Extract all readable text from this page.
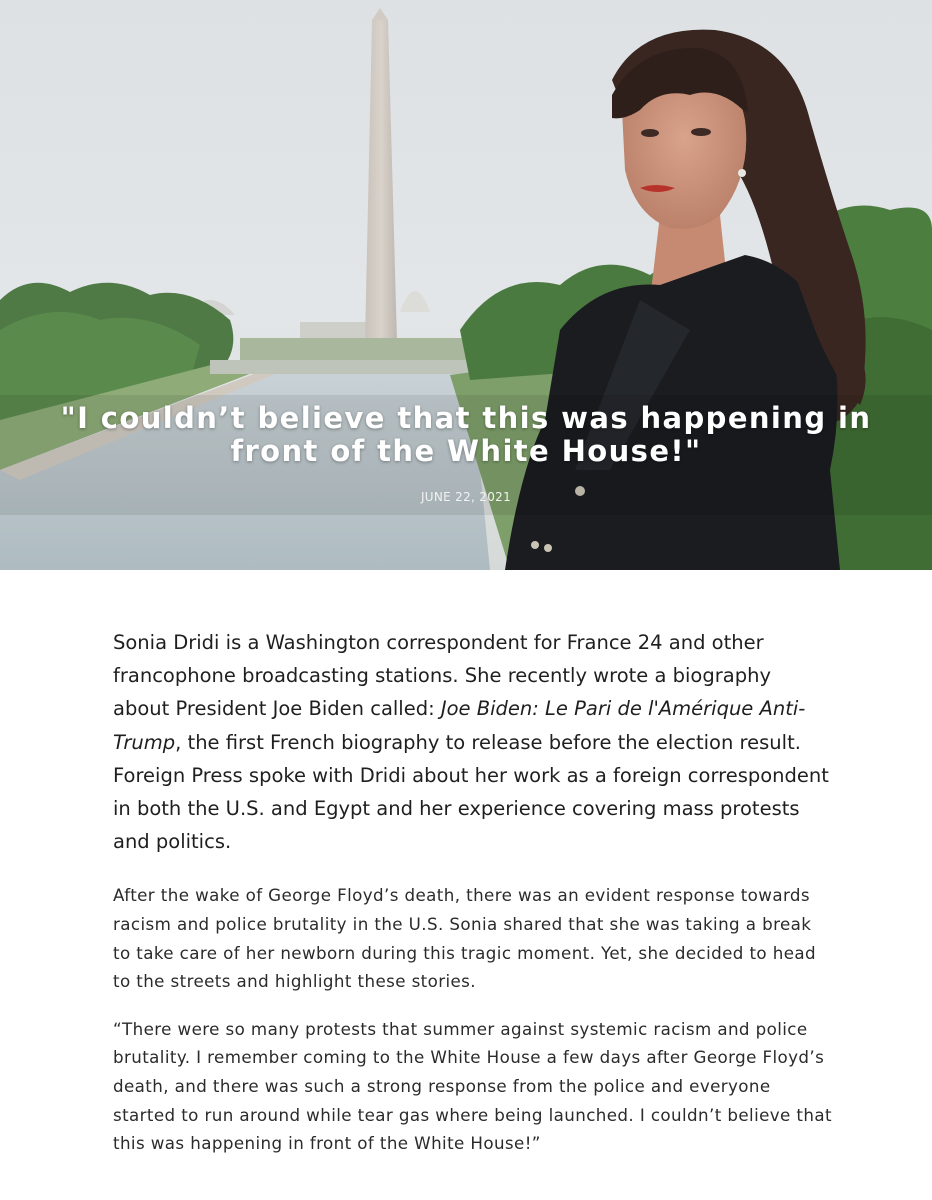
"I couldn’t believe that this was happening in front of the White House!"
JUNE 22, 2021

Sonia Dridi is a Washington correspondent for France 24 and other francophone broadcasting stations. She recently wrote a biography about President Joe Biden called: Joe Biden: Le Pari de l'Amérique Anti-Trump, the first French biography to release before the election result. Foreign Press spoke with Dridi about her work as a foreign correspondent in both the U.S. and Egypt and her experience covering mass protests and politics.

After the wake of George Floyd’s death, there was an evident response towards racism and police brutality in the U.S. Sonia shared that she was taking a break to take care of her newborn during this tragic moment. Yet, she decided to head to the streets and highlight these stories.

“There were so many protests that summer against systemic racism and police brutality. I remember coming to the White House a few days after George Floyd’s death, and there was such a strong response from the police and everyone started to run around while tear gas where being launched. I couldn’t believe that this was happening in front of the White House!”
